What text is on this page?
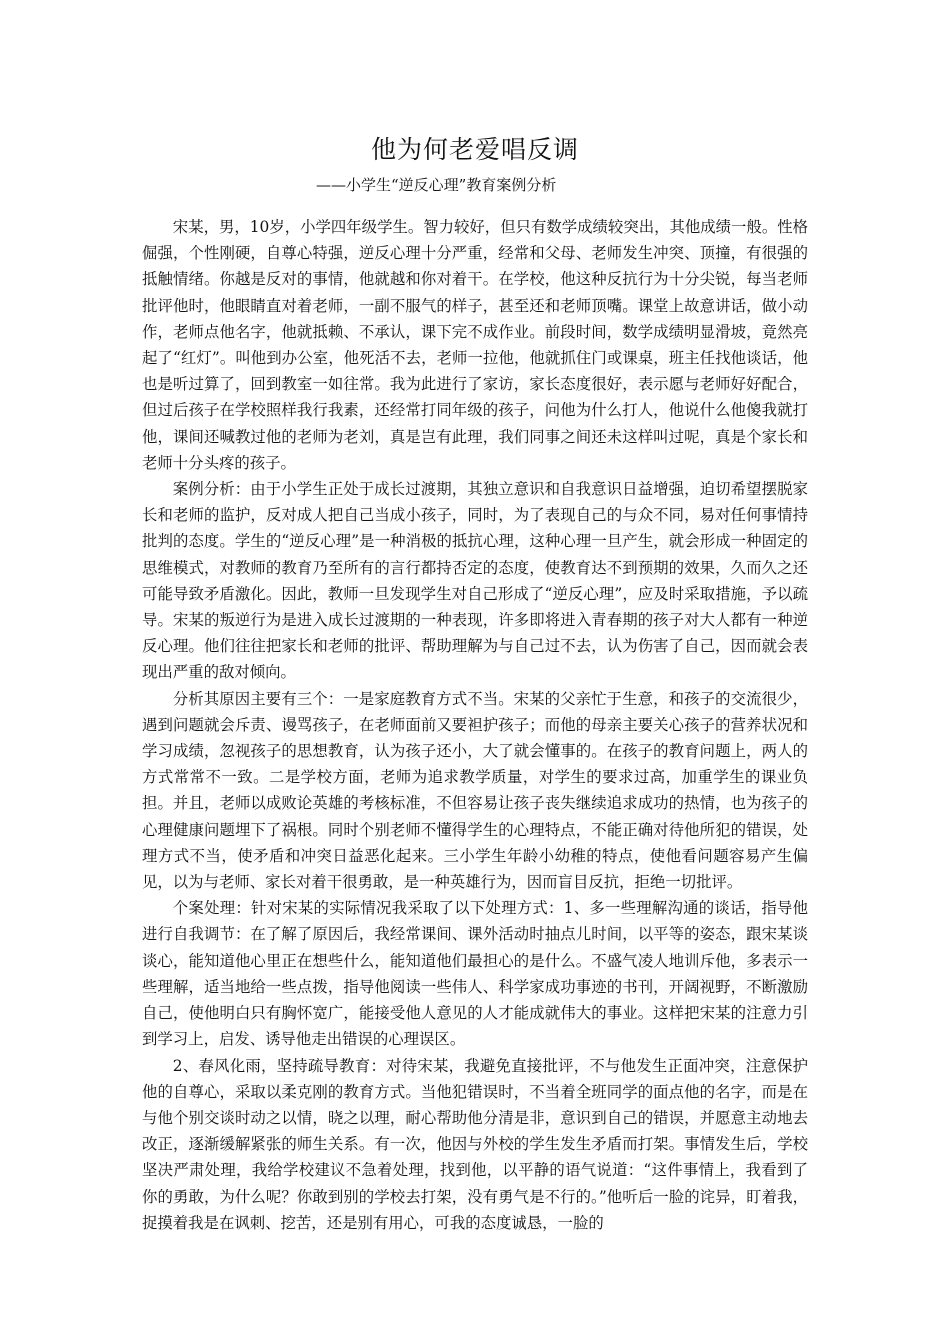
他为何老爱唱反调

——小学生“逆反心理”教育案例分析

宋某，男，10岁，小学四年级学生。智力较好，但只有数学成绩较突出，其他成绩一般。性格倔强，个性刚硬，自尊心特强，逆反心理十分严重，经常和父母、老师发生冲突、顶撞，有很强的抵触情绪。你越是反对的事情，他就越和你对着干。在学校，他这种反抗行为十分尖锐，每当老师批评他时，他眼睛直对着老师，一副不服气的样子，甚至还和老师顶嘴。课堂上故意讲话，做小动作，老师点他名字，他就抵赖、不承认，课下完不成作业。前段时间，数学成绩明显滑坡，竟然亮起了“红灯”。叫他到办公室，他死活不去，老师一拉他，他就抓住门或课桌，班主任找他谈话，他也是听过算了，回到教室一如往常。我为此进行了家访，家长态度很好，表示愿与老师好好配合，但过后孩子在学校照样我行我素，还经常打同年级的孩子，问他为什么打人，他说什么他傻我就打他，课间还喊教过他的老师为老刘，真是岂有此理，我们同事之间还未这样叫过呢，真是个家长和老师十分头疼的孩子。

案例分析：由于小学生正处于成长过渡期，其独立意识和自我意识日益增强，迫切希望摆脱家长和老师的监护，反对成人把自己当成小孩子，同时，为了表现自己的与众不同，易对任何事情持批判的态度。学生的“逆反心理”是一种消极的抵抗心理，这种心理一旦产生，就会形成一种固定的思维模式，对教师的教育乃至所有的言行都持否定的态度，使教育达不到预期的效果，久而久之还可能导致矛盾激化。因此，教师一旦发现学生对自己形成了“逆反心理”，应及时采取措施，予以疏导。宋某的叛逆行为是进入成长过渡期的一种表现，许多即将进入青春期的孩子对大人都有一种逆反心理。他们往往把家长和老师的批评、帮助理解为与自己过不去，认为伤害了自己，因而就会表现出严重的敌对倾向。

分析其原因主要有三个：一是家庭教育方式不当。宋某的父亲忙于生意，和孩子的交流很少，遇到问题就会斥责、谩骂孩子，在老师面前又要袒护孩子；而他的母亲主要关心孩子的营养状况和学习成绩，忽视孩子的思想教育，认为孩子还小，大了就会懂事的。在孩子的教育问题上，两人的方式常常不一致。二是学校方面，老师为追求教学质量，对学生的要求过高，加重学生的课业负担。并且，老师以成败论英雄的考核标准，不但容易让孩子丧失继续追求成功的热情，也为孩子的心理健康问题埋下了祸根。同时个别老师不懂得学生的心理特点，不能正确对待他所犯的错误，处理方式不当，使矛盾和冲突日益恶化起来。三小学生年龄小幼稚的特点，使他看问题容易产生偏见，以为与老师、家长对着干很勇敢，是一种英雄行为，因而盲目反抗，拒绝一切批评。

个案处理：针对宋某的实际情况我采取了以下处理方式：1、多一些理解沟通的谈话，指导他进行自我调节：在了解了原因后，我经常课间、课外活动时抽点儿时间，以平等的姿态，跟宋某谈谈心，能知道他心里正在想些什么，能知道他们最担心的是什么。不盛气凌人地训斥他，多表示一些理解，适当地给一些点拨，指导他阅读一些伟人、科学家成功事迹的书刊，开阔视野，不断激励自己，使他明白只有胸怀宽广，能接受他人意见的人才能成就伟大的事业。这样把宋某的注意力引到学习上，启发、诱导他走出错误的心理误区。

2、春风化雨，坚持疏导教育：对待宋某，我避免直接批评，不与他发生正面冲突，注意保护他的自尊心，采取以柔克刚的教育方式。当他犯错误时，不当着全班同学的面点他的名字，而是在与他个别交谈时动之以情，晓之以理，耐心帮助他分清是非，意识到自己的错误，并愿意主动地去改正，逐渐缓解紧张的师生关系。有一次，他因与外校的学生发生矛盾而打架。事情发生后，学校坚决严肃处理，我给学校建议不急着处理，找到他，以平静的语气说道：“这件事情上，我看到了你的勇敢，为什么呢？你敢到别的学校去打架，没有勇气是不行的。”他听后一脸的诧异，盯着我，捉摸着我是在讽刺、挖苦，还是别有用心，可我的态度诚恳，一脸的
